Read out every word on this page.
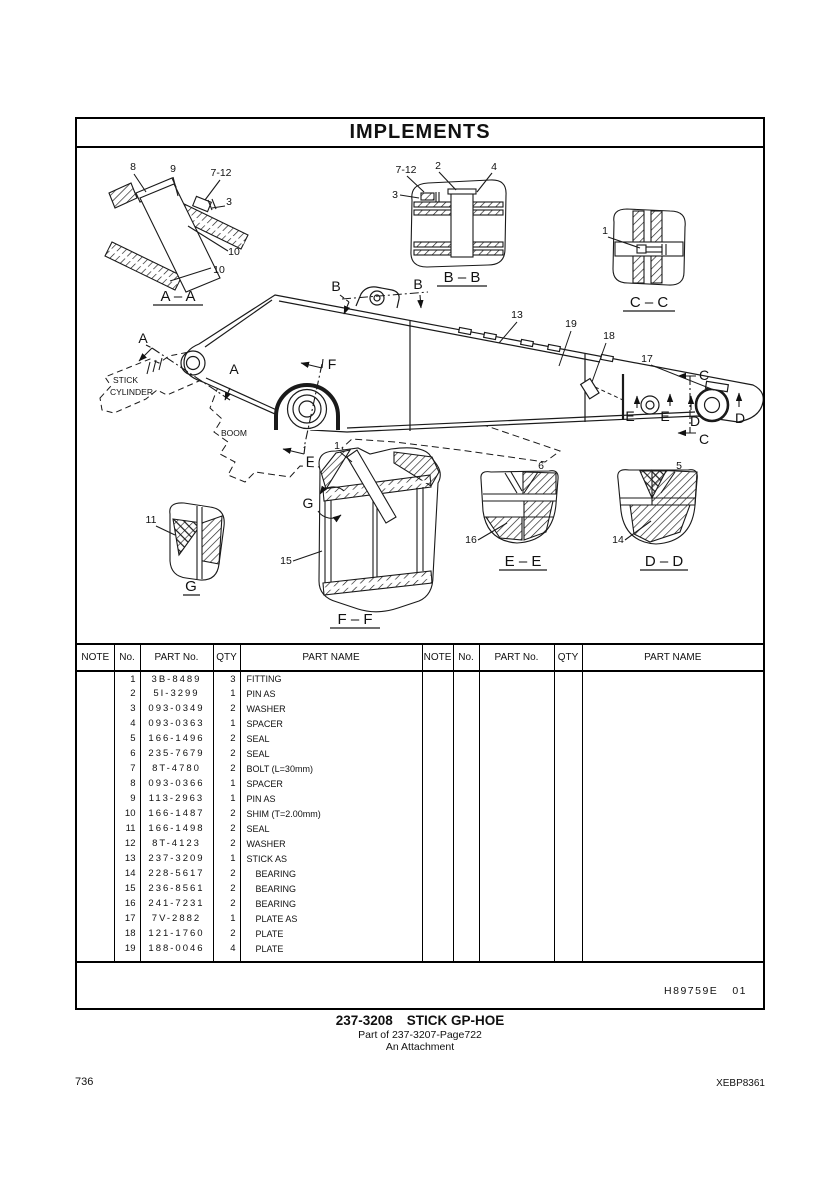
IMPLEMENTS
8	9	7-12
3
10
10
A – A
7-12 2	4
3
B – B
1
C – C
A
A
B	B
C
C
D D
E E
F
F
STICK
CYLINDER
BOOM
13
19
18
17
11
G
1
15
G
F – F
6
16
E – E
5
14
D – D
NOTE	No.	PART No.	QTY	PART NAME	NOTE	No.	PART No.	QTY	PART NAME
	1	3B-8489	3	FITTING					
	2	5I-3299	1	PIN AS					
	3	093-0349	2	WASHER					
	4	093-0363	1	SPACER					
	5	166-1496	2	SEAL					
	6	235-7679	2	SEAL					
	7	8T-4780	2	BOLT (L=30mm)					
	8	093-0366	1	SPACER					
	9	113-2963	1	PIN AS					
	10	166-1487	2	SHIM (T=2.00mm)					
	11	166-1498	2	SEAL					
	12	8T-4123	2	WASHER					
	13	237-3209	1	STICK AS					
	14	228-5617	2	BEARING					
	15	236-8561	2	BEARING					
	16	241-7231	2	BEARING					
	17	7V-2882	1	PLATE AS					
	18	121-1760	2	PLATE					
	19	188-0046	4	PLATE					

H89759E 01
237-3208 STICK GP-HOE
Part of 237-3207-Page722
An Attachment
736	XEBP8361
